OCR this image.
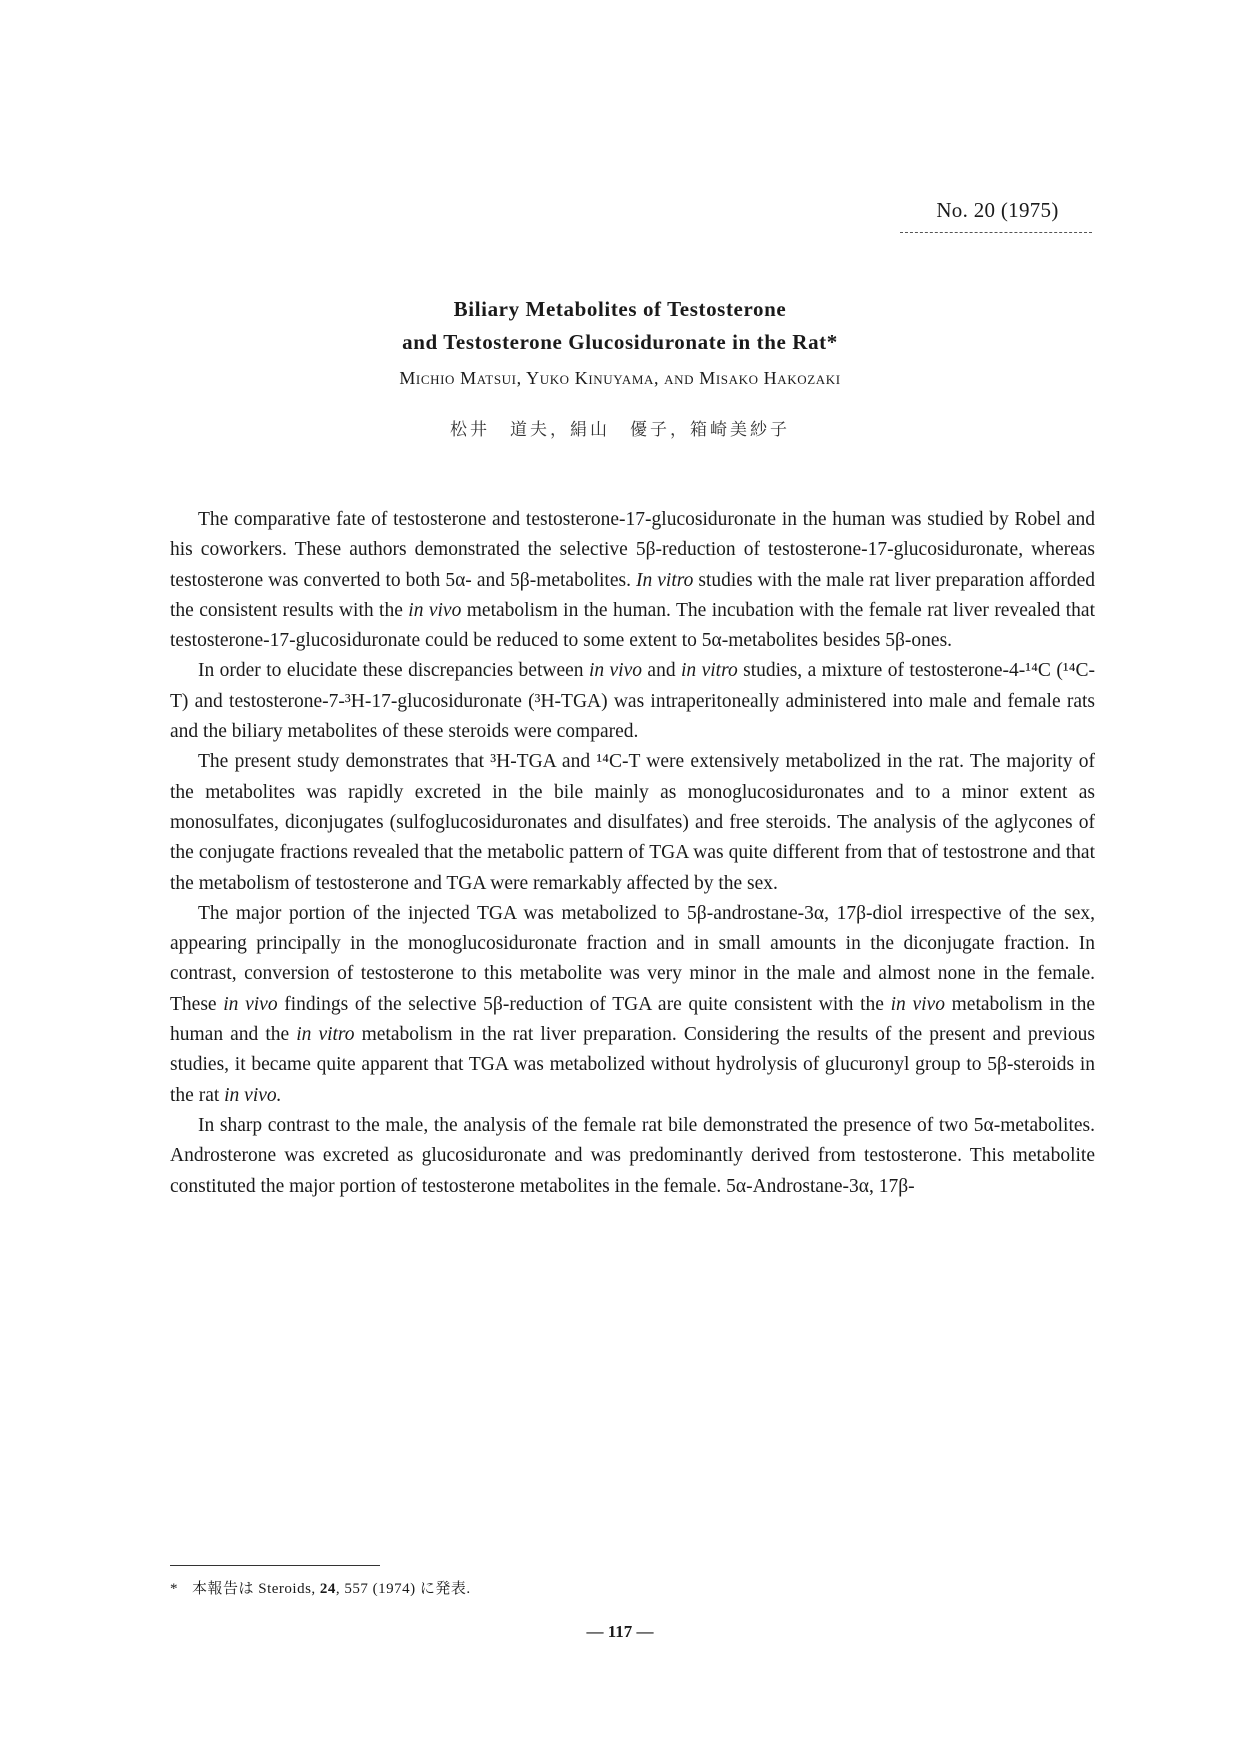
No. 20 (1975)
Biliary Metabolites of Testosterone
and Testosterone Glucosiduronate in the Rat*
Michio Matsui, Yuko Kinuyama, and Misako Hakozaki
松井　道夫，絹山　優子，箱崎美紗子

The comparative fate of testosterone and testosterone-17-glucosiduronate in the human was studied by Robel and his coworkers. These authors demonstrated the selective 5β-reduction of testosterone-17-glucosiduronate, whereas testosterone was converted to both 5α- and 5β-metabolites. In vitro studies with the male rat liver preparation afforded the consistent results with the in vivo metabolism in the human. The incubation with the female rat liver revealed that testosterone-17-glucosiduronate could be reduced to some extent to 5α-metabolites besides 5β-ones.

In order to elucidate these discrepancies between in vivo and in vitro studies, a mixture of testosterone-4-¹⁴C (¹⁴C-T) and testosterone-7-³H-17-glucosiduronate (³H-TGA) was intraperitoneally administered into male and female rats and the biliary metabolites of these steroids were compared.

The present study demonstrates that ³H-TGA and ¹⁴C-T were extensively metabolized in the rat. The majority of the metabolites was rapidly excreted in the bile mainly as monoglucosiduronates and to a minor extent as monosulfates, diconjugates (sulfoglucosiduronates and disulfates) and free steroids. The analysis of the aglycones of the conjugate fractions revealed that the metabolic pattern of TGA was quite different from that of testostrone and that the metabolism of testosterone and TGA were remarkably affected by the sex.

The major portion of the injected TGA was metabolized to 5β-androstane-3α, 17β-diol irrespective of the sex, appearing principally in the monoglucosiduronate fraction and in small amounts in the diconjugate fraction. In contrast, conversion of testosterone to this metabolite was very minor in the male and almost none in the female. These in vivo findings of the selective 5β-reduction of TGA are quite consistent with the in vivo metabolism in the human and the in vitro metabolism in the rat liver preparation. Considering the results of the present and previous studies, it became quite apparent that TGA was metabolized without hydrolysis of glucuronyl group to 5β-steroids in the rat in vivo.

In sharp contrast to the male, the analysis of the female rat bile demonstrated the presence of two 5α-metabolites. Androsterone was excreted as glucosiduronate and was predominantly derived from testosterone. This metabolite constituted the major portion of testosterone metabolites in the female. 5α-Androstane-3α, 17β-

* 本報告は Steroids, 24, 557 (1974) に発表.
— 117 —
